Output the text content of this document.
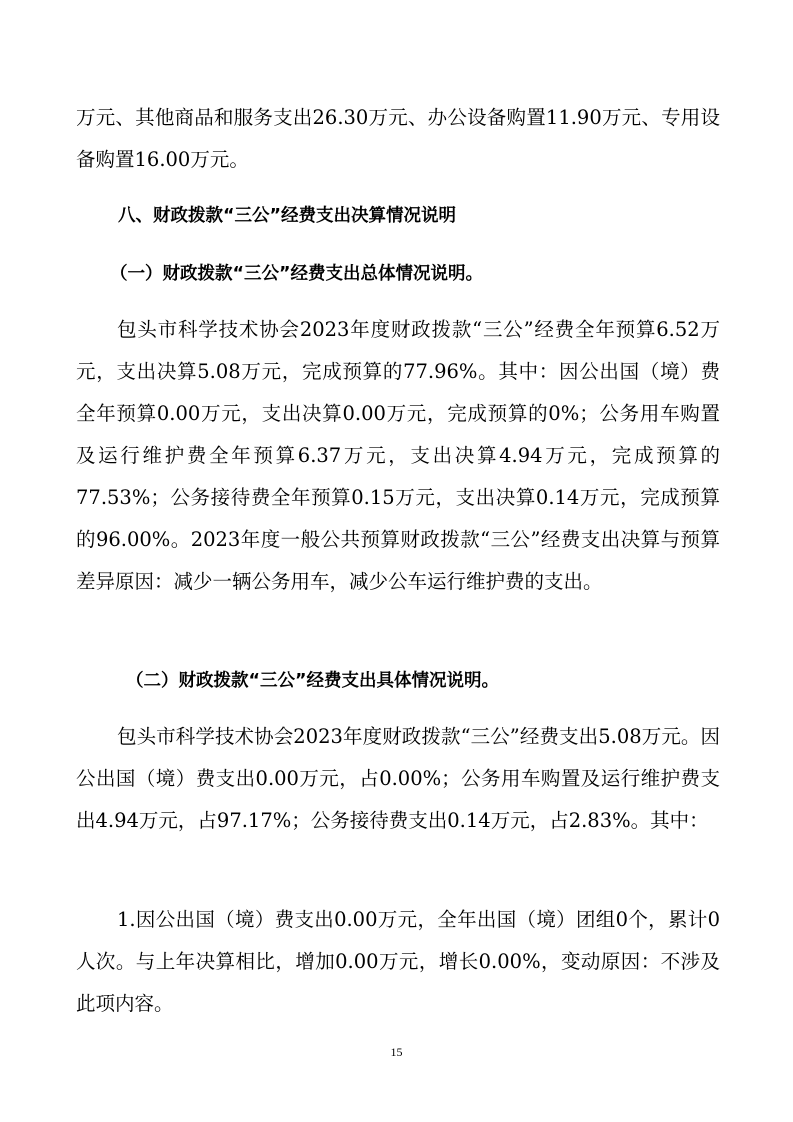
万元、其他商品和服务支出26.30万元、办公设备购置11.90万元、专用设备购置16.00万元。

八、财政拨款“三公”经费支出决算情况说明
（一）财政拨款“三公”经费支出总体情况说明。

包头市科学技术协会2023年度财政拨款“三公”经费全年预算6.52万元，支出决算5.08万元，完成预算的77.96%。其中：因公出国（境）费全年预算0.00万元，支出决算0.00万元，完成预算的0%；公务用车购置及运行维护费全年预算6.37万元，支出决算4.94万元，完成预算的77.53%；公务接待费全年预算0.15万元，支出决算0.14万元，完成预算的96.00%。2023年度一般公共预算财政拨款“三公”经费支出决算与预算差异原因：减少一辆公务用车，减少公车运行维护费的支出。

（二）财政拨款“三公”经费支出具体情况说明。

包头市科学技术协会2023年度财政拨款“三公”经费支出5.08万元。因公出国（境）费支出0.00万元，占0.00%；公务用车购置及运行维护费支出4.94万元，占97.17%；公务接待费支出0.14万元，占2.83%。其中：

1.因公出国（境）费支出0.00万元，全年出国（境）团组0个，累计0人次。与上年决算相比，增加0.00万元，增长0.00%，变动原因：不涉及此项内容。

15
